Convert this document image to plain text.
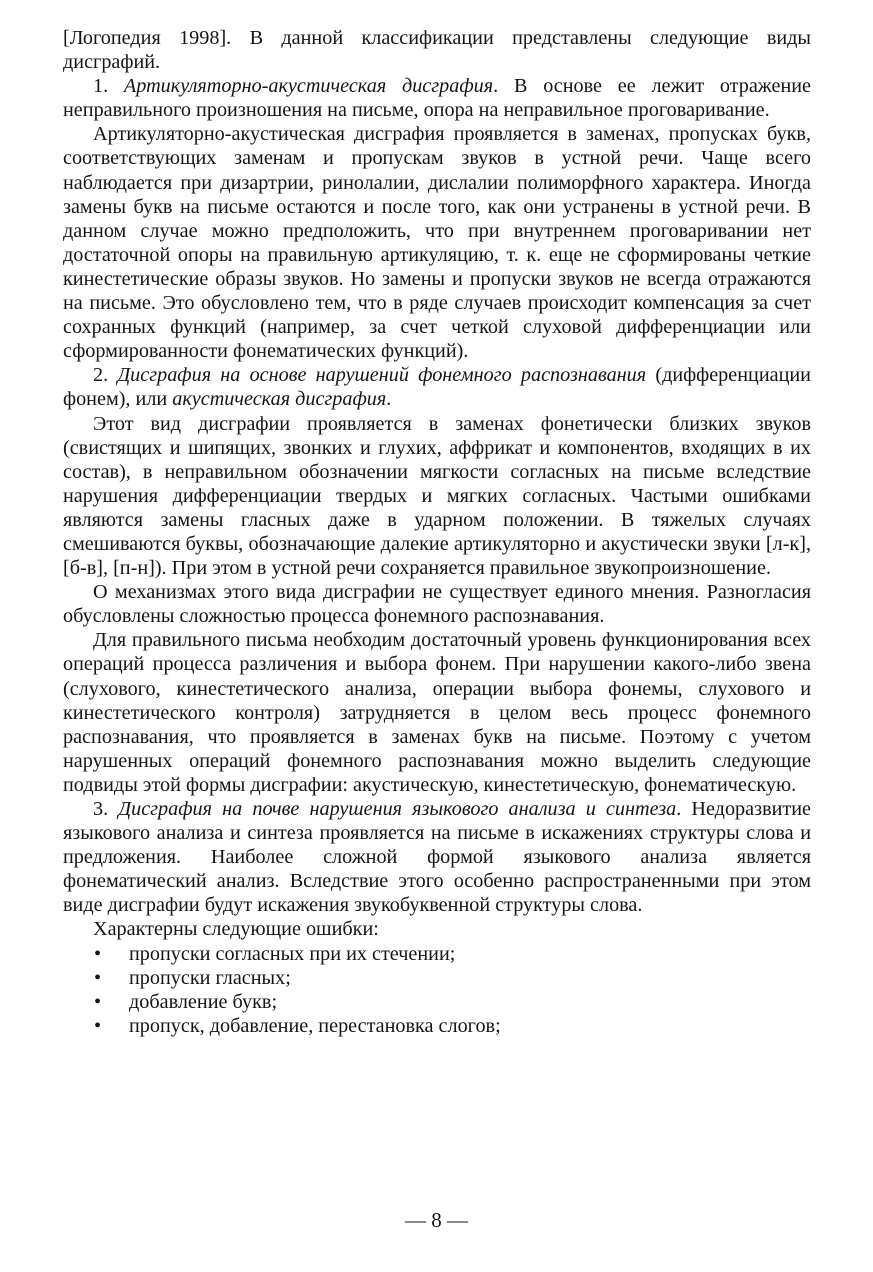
[Логопедия 1998]. В данной классификации представлены следующие виды дисграфий.

1. Артикуляторно-акустическая дисграфия. В основе ее лежит отражение неправильного произношения на письме, опора на неправильное проговаривание.

Артикуляторно-акустическая дисграфия проявляется в заменах, пропусках букв, соответствующих заменам и пропускам звуков в устной речи. Чаще всего наблюдается при дизартрии, ринолалии, дислалии полиморфного характера. Иногда замены букв на письме остаются и после того, как они устранены в устной речи. В данном случае можно предположить, что при внутреннем проговаривании нет достаточной опоры на правильную артикуляцию, т. к. еще не сформированы четкие кинестетические образы звуков. Но замены и пропуски звуков не всегда отражаются на письме. Это обусловлено тем, что в ряде случаев происходит компенсация за счет сохранных функций (например, за счет четкой слуховой дифференциации или сформированности фонематических функций).

2. Дисграфия на основе нарушений фонемного распознавания (дифференциации фонем), или акустическая дисграфия.

Этот вид дисграфии проявляется в заменах фонетически близких звуков (свистящих и шипящих, звонких и глухих, аффрикат и компонентов, входящих в их состав), в неправильном обозначении мягкости согласных на письме вследствие нарушения дифференциации твердых и мягких согласных. Частыми ошибками являются замены гласных даже в ударном положении. В тяжелых случаях смешиваются буквы, обозначающие далекие артикуляторно и акустически звуки [л-к], [б-в], [п-н]). При этом в устной речи сохраняется правильное звукопроизношение.

О механизмах этого вида дисграфии не существует единого мнения. Разногласия обусловлены сложностью процесса фонемного распознавания.

Для правильного письма необходим достаточный уровень функционирования всех операций процесса различения и выбора фонем. При нарушении какого-либо звена (слухового, кинестетического анализа, операции выбора фонемы, слухового и кинестетического контроля) затрудняется в целом весь процесс фонемного распознавания, что проявляется в заменах букв на письме. Поэтому с учетом нарушенных операций фонемного распознавания можно выделить следующие подвиды этой формы дисграфии: акустическую, кинестетическую, фонематическую.

3. Дисграфия на почве нарушения языкового анализа и синтеза. Недоразвитие языкового анализа и синтеза проявляется на письме в искажениях структуры слова и предложения. Наиболее сложной формой языкового анализа является фонематический анализ. Вследствие этого особенно распространенными при этом виде дисграфии будут искажения звукобуквенной структуры слова.

Характерны следующие ошибки:

• пропуски согласных при их стечении;
• пропуски гласных;
• добавление букв;
• пропуск, добавление, перестановка слогов;
— 8 —
